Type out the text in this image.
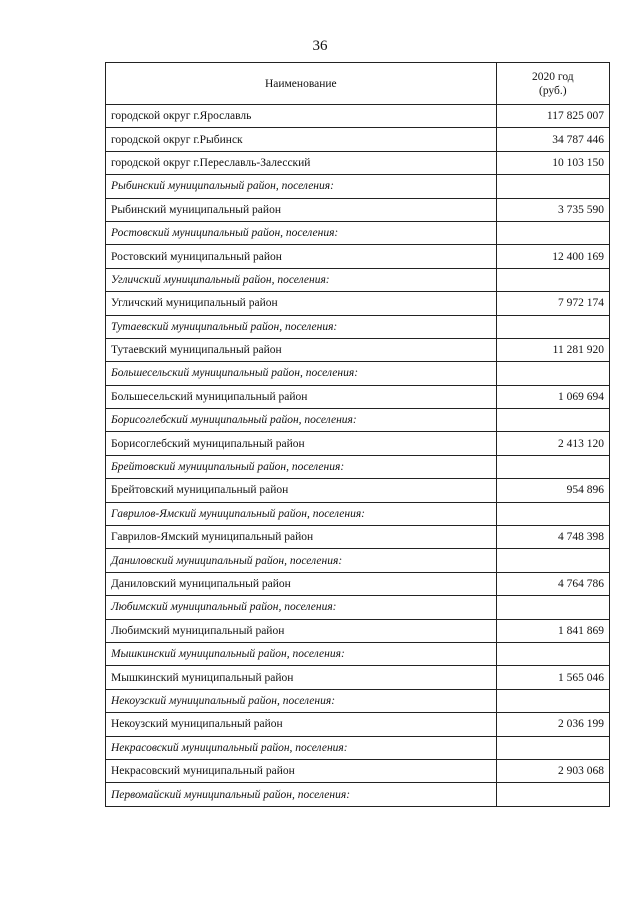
36
Наименование	2020 год
(руб.)
городской округ г.Ярославль	117 825 007
городской округ г.Рыбинск	34 787 446
городской округ г.Переславль-Залесский	10 103 150
Рыбинский муниципальный район, поселения:	
Рыбинский муниципальный район	3 735 590
Ростовский муниципальный район, поселения:	
Ростовский муниципальный район	12 400 169
Угличский муниципальный район, поселения:	
Угличский муниципальный район	7 972 174
Тутаевский муниципальный район, поселения:	
Тутаевский муниципальный район	11 281 920
Большесельский муниципальный район, поселения:	
Большесельский муниципальный район	1 069 694
Борисоглебский муниципальный район, поселения:	
Борисоглебский муниципальный район	2 413 120
Брейтовский муниципальный район, поселения:	
Брейтовский муниципальный район	954 896
Гаврилов-Ямский муниципальный район, поселения:	
Гаврилов-Ямский муниципальный район	4 748 398
Даниловский муниципальный район, поселения:	
Даниловский муниципальный район	4 764 786
Любимский муниципальный район, поселения:	
Любимский муниципальный район	1 841 869
Мышкинский муниципальный район, поселения:	
Мышкинский муниципальный район	1 565 046
Некоузский муниципальный район, поселения:	
Некоузский муниципальный район	2 036 199
Некрасовский муниципальный район, поселения:	
Некрасовский муниципальный район	2 903 068
Первомайский муниципальный район, поселения:	
